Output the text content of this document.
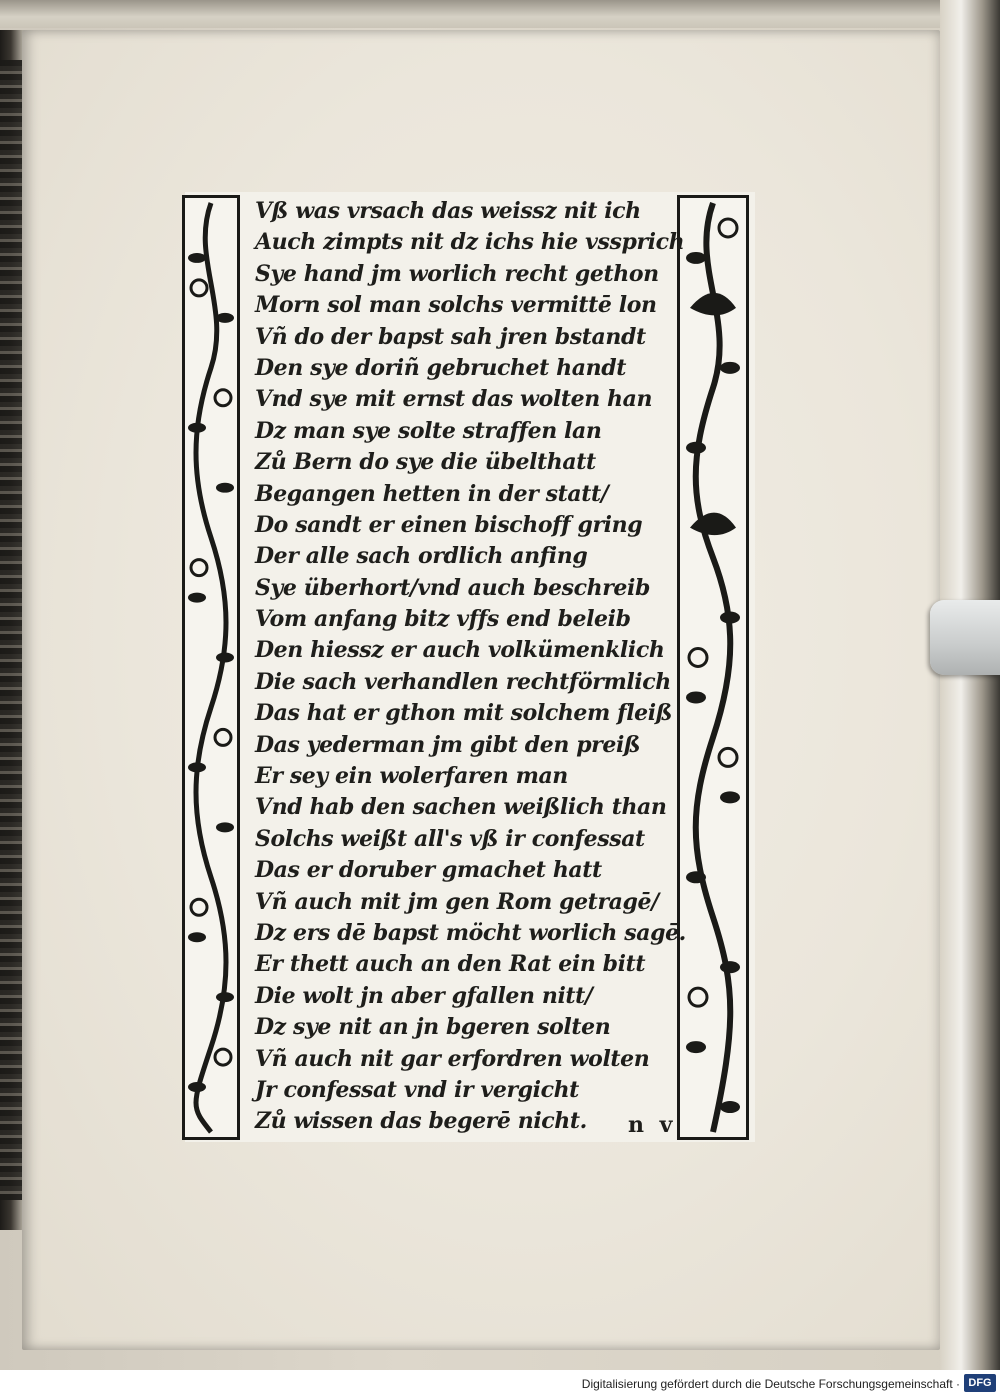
Vß was vrsach das weissz nit ich
Auch zimpts nit dz ichs hie vssprich
Sye hand jm worlich recht gethon
Morn sol man solchs vermittē lon
Vñ do der bapst sah jren bstandt
Den sye doriñ gebruchet handt
Vnd sye mit ernst das wolten han
Dz man sye solte straffen lan
Zů Bern do sye die übelthatt
Begangen hetten in der statt/
Do sandt er einen bischoff gring
Der alle sach ordlich anfing
Sye überhort/vnd auch beschreib
Vom anfang bitz vffs end beleib
Den hiessz er auch volkümenklich
Die sach verhandlen rechtförmlich
Das hat er gthon mit solchem fleiß
Das yederman jm gibt den preiß
Er sey ein wolerfaren man
Vnd hab den sachen weißlich than
Solchs weißt all's vß ir confessat
Das er doruber gmachet hatt
Vñ auch mit jm gen Rom getragē/
Dz ers dē bapst möcht worlich sagē.
Er thett auch an den Rat ein bitt
Die wolt jn aber gfallen nitt/
Dz sye nit an jn bgeren solten
Vñ auch nit gar erfordren wolten
Jr confessat vnd ir vergicht
Zů wissen das begerē nicht.	n v
Digitalisierung gefördert durch die Deutsche Forschungsgemeinschaft · DFG
